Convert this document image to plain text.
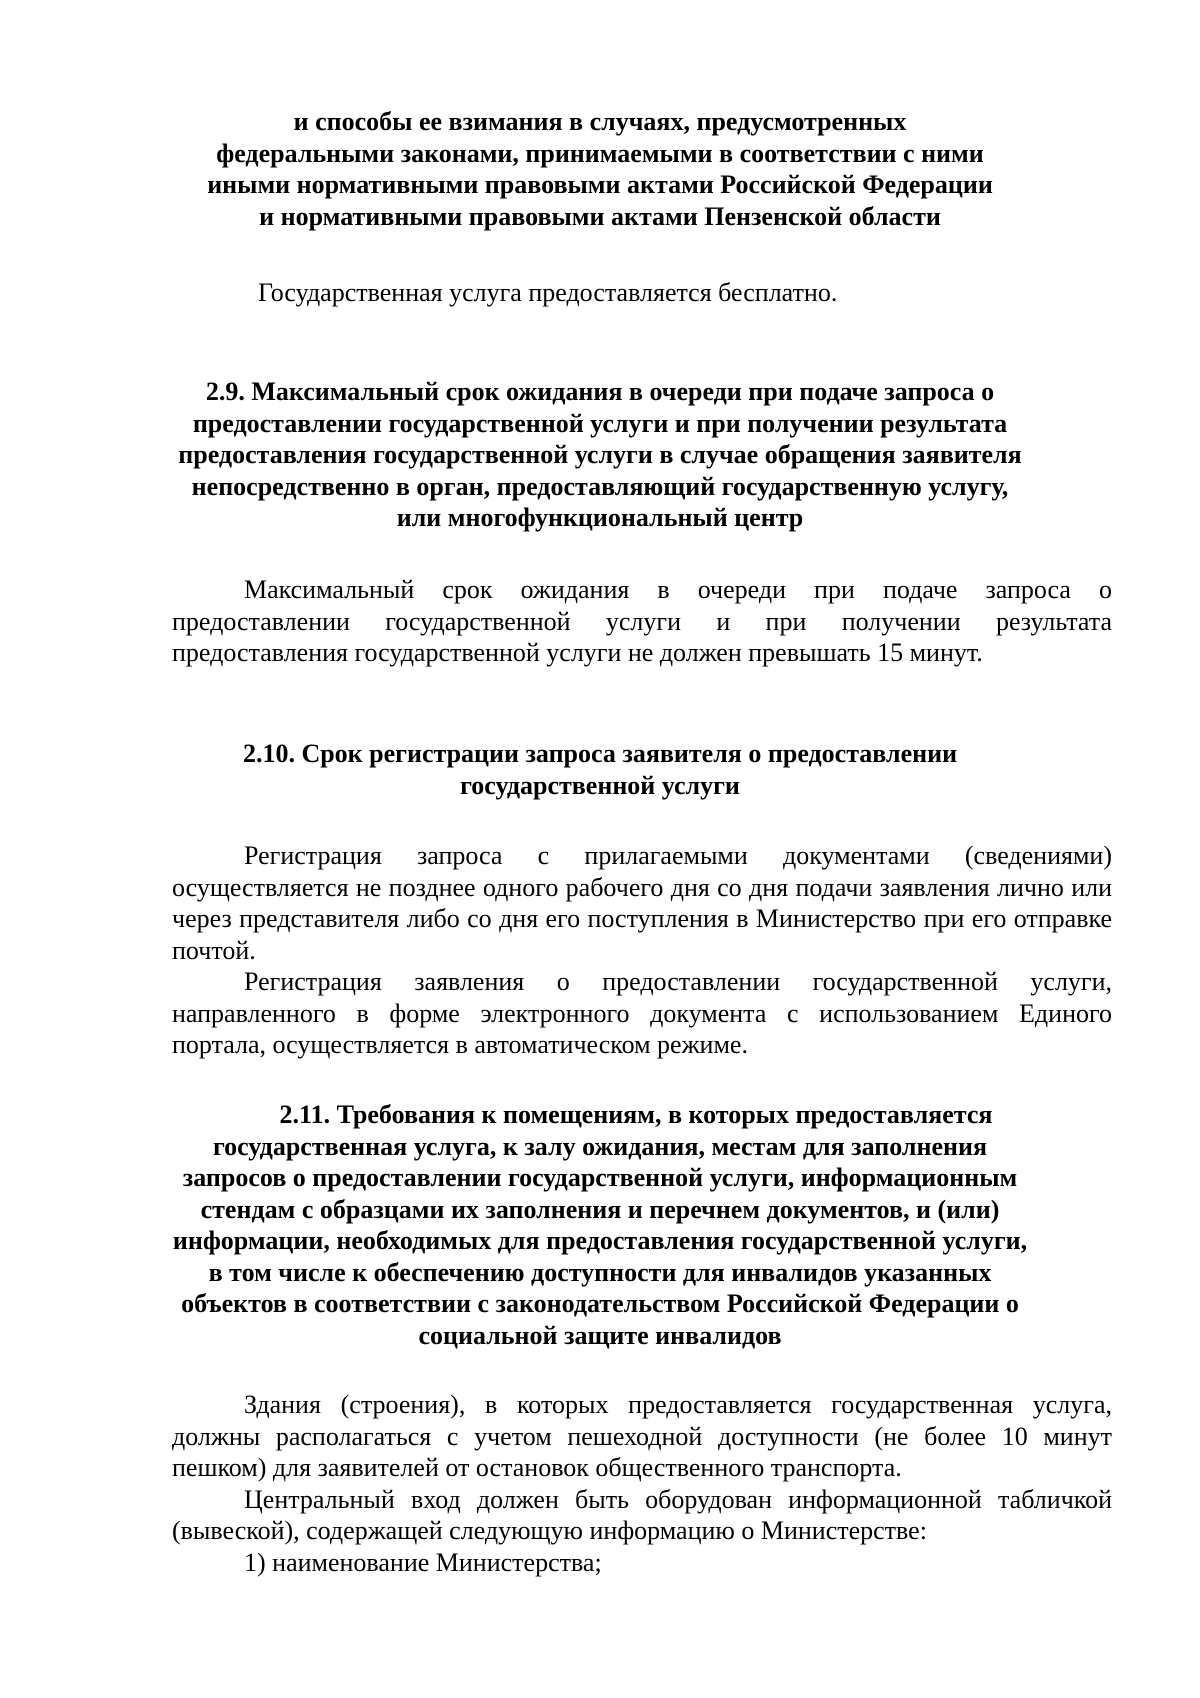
и способы ее взимания в случаях, предусмотренных
федеральными законами, принимаемыми в соответствии с ними
иными нормативными правовыми актами Российской Федерации
и нормативными правовыми актами Пензенской области

Государственная услуга предоставляется бесплатно.

2.9. Максимальный срок ожидания в очереди при подаче запроса о
предоставлении государственной услуги и при получении результата
предоставления государственной услуги в случае обращения заявителя
непосредственно в орган, предоставляющий государственную услугу,
или многофункциональный центр

Максимальный срок ожидания в очереди при подаче запроса о предоставлении государственной услуги и при получении результата предоставления государственной услуги не должен превышать 15 минут.

2.10. Срок регистрации запроса заявителя о предоставлении
государственной услуги

Регистрация запроса с прилагаемыми документами (сведениями) осуществляется не позднее одного рабочего дня со дня подачи заявления лично или через представителя либо со дня его поступления в Министерство при его отправке почтой.

Регистрация заявления о предоставлении государственной услуги, направленного в форме электронного документа с использованием Единого портала, осуществляется в автоматическом режиме.

2.11. Требования к помещениям, в которых предоставляется
государственная услуга, к залу ожидания, местам для заполнения
запросов о предоставлении государственной услуги, информационным
стендам с образцами их заполнения и перечнем документов, и (или)
информации, необходимых для предоставления государственной услуги,
в том числе к обеспечению доступности для инвалидов указанных
объектов в соответствии с законодательством Российской Федерации о
социальной защите инвалидов

Здания (строения), в которых предоставляется государственная услуга, должны располагаться с учетом пешеходной доступности (не более 10 минут пешком) для заявителей от остановок общественного транспорта.

Центральный вход должен быть оборудован информационной табличкой (вывеской), содержащей следующую информацию о Министерстве:

1) наименование Министерства;
